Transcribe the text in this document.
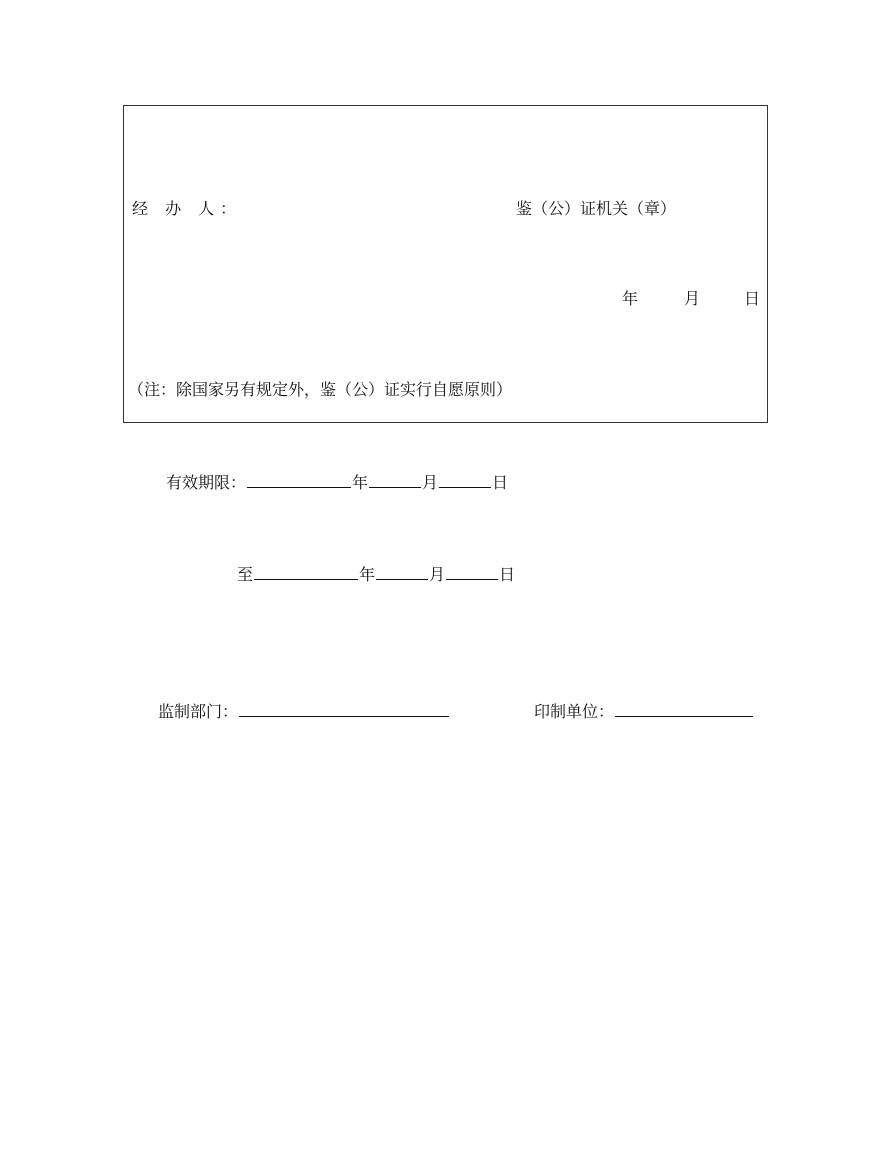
经 办 人：	鉴（公）证机关（章）
年	月	日
（注：除国家另有规定外，鉴（公）证实行自愿原则）
有效期限：	年	月	日
至	年	月	日
监制部门：	印制单位：
